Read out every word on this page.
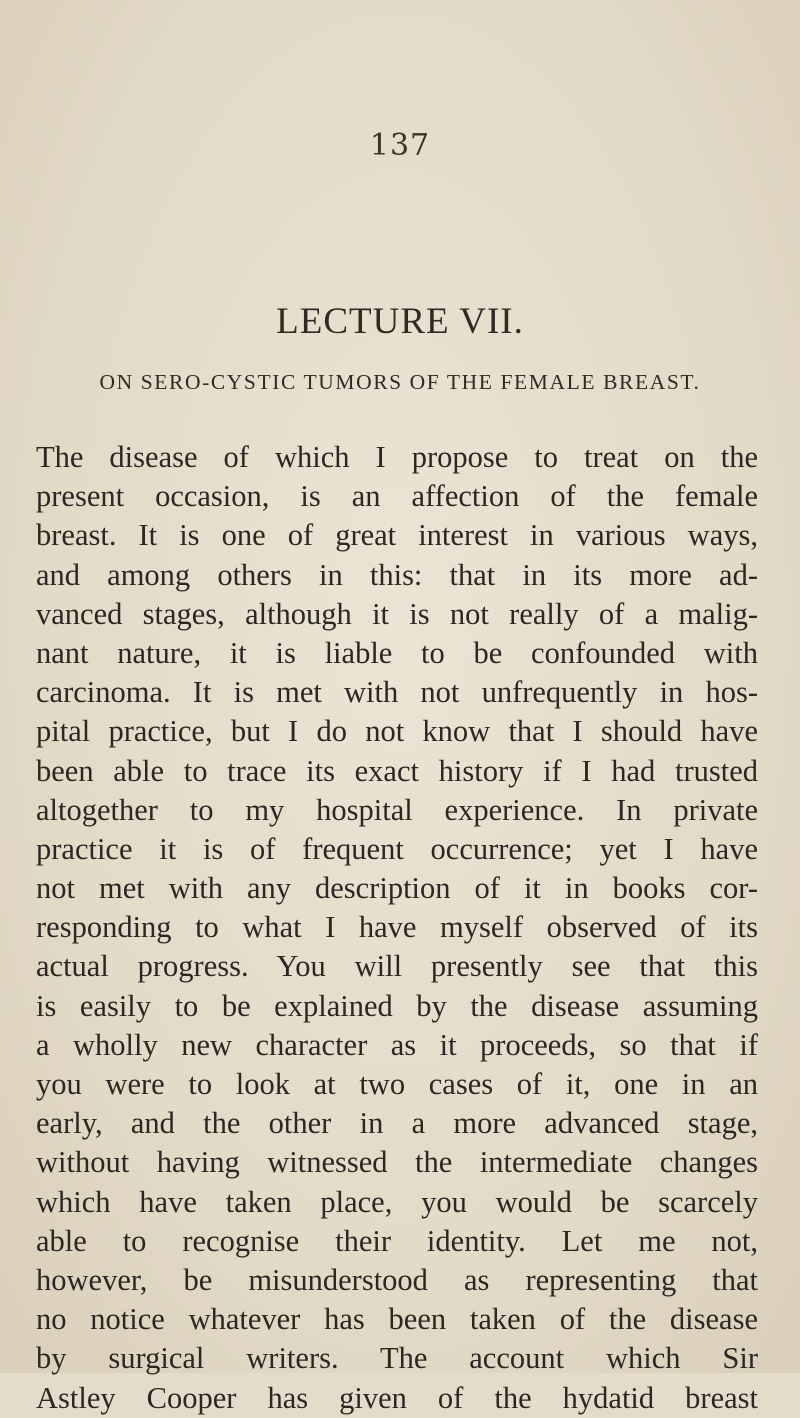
137
LECTURE VII.
ON SERO-CYSTIC TUMORS OF THE FEMALE BREAST.
The disease of which I propose to treat on the
present occasion, is an affection of the female
breast. It is one of great interest in various ways,
and among others in this: that in its more ad-
vanced stages, although it is not really of a malig-
nant nature, it is liable to be confounded with
carcinoma. It is met with not unfrequently in hos-
pital practice, but I do not know that I should have
been able to trace its exact history if I had trusted
altogether to my hospital experience. In private
practice it is of frequent occurrence; yet I have
not met with any description of it in books cor-
responding to what I have myself observed of its
actual progress. You will presently see that this
is easily to be explained by the disease assuming
a wholly new character as it proceeds, so that if
you were to look at two cases of it, one in an
early, and the other in a more advanced stage,
without having witnessed the intermediate changes
which have taken place, you would be scarcely
able to recognise their identity. Let me not,
however, be misunderstood as representing that
no notice whatever has been taken of the disease
by surgical writers. The account which Sir
Astley Cooper has given of the hydatid breast
